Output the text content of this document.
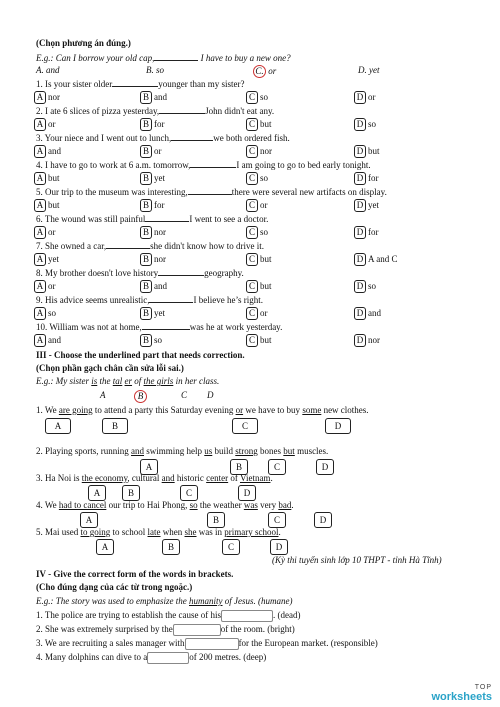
(Chọn phương án đúng.)
E.g.: Can I borrow your old cap,	I have to buy a new one?
A. and	B. so	C. or	D. yet
1. Is your sister older	younger than my sister?
A nor	B and	C so	D or
2. I ate 6 slices of pizza yesterday,	John didn't eat any.
A or	B for	C but	D so
3. Your niece and I went out to lunch,	we both ordered fish.
A and	B or	C nor	D but
4. I have to go to work at 6 a.m. tomorrow,	I am going to go to bed early tonight.
A but	B yet	C so	D for
5. Our trip to the museum was interesting,	there were several new artifacts on display.
A but	B for	C or	D yet
6. The wound was still painful	I went to see a doctor.
A or	B nor	C so	D for
7. She owned a car,	she didn't know how to drive it.
A yet	B nor	C but	D A and C
8. My brother doesn't love history	geography.
A or	B and	C but	D so
9. His advice seems unrealistic,	I believe he’s right.
A so	B yet	C or	D and
10. William was not at home,	was he at work yesterday.
A and	B so	C but	D nor
III - Choose the underlined part that needs correction.
(Chọn phần gạch chân cần sửa lỗi sai.)
E.g.: My sister is the tal er of the girls in her class.
A	B	C D
1. We are going to attend a party this Saturday evening or we have to buy some new clothes.
A	B	C	D
2. Playing sports, running and swimming help us build strong bones but muscles.
A	B	C	D
3. Ha Noi is the economy, cultural and historic center of Vietnam.
A	B	C	D
4. We had to cancel our trip to Hai Phong, so the weather was very bad.
A	B	C	D
5. Mai used to going to school late when she was in primary school.
A	B	C	D
(Kỳ thi tuyển sinh lớp 10 THPT - tỉnh Hà Tĩnh)
IV - Give the correct form of the words in brackets.
(Cho đúng dạng của các từ trong ngoặc.)
E.g.: The story was used to emphasize the humanity of Jesus. (humane)
1. The police are trying to establish the cause of his	. (dead)
2. She was extremely surprised by the	of the room. (bright)
3. We are recruiting a sales manager with	for the European market. (responsible)
4. Many dolphins can dive to a	of 200 metres. (deep)
TOP
worksheets
